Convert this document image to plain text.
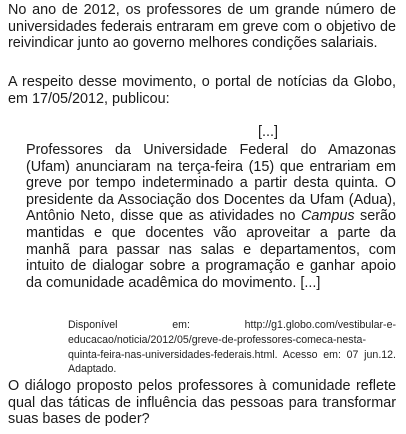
No ano de 2012, os professores de um grande número de universidades federais entraram em greve com o objetivo de reivindicar junto ao governo melhores condições salariais.

A respeito desse movimento, o portal de notícias da Globo, em 17/05/2012, publicou:

[...]

Professores da Universidade Federal do Amazonas (Ufam) anunciaram na terça-feira (15) que entrariam em greve por tempo indeterminado a partir desta quinta. O presidente da Associação dos Docentes da Ufam (Adua), Antônio Neto, disse que as atividades no Campus serão mantidas e que docentes vão aproveitar a parte da manhã para passar nas salas e departamentos, com intuito de dialogar sobre a programação e ganhar apoio da comunidade acadêmica do movimento. [...]

Disponível em: http://g1.globo.com/vestibular-e-educacao/noticia/2012/05/greve-de-professores-comeca-nesta-quinta-feira-nas-universidades-federais.html. Acesso em: 07 jun.12. Adaptado.

O diálogo proposto pelos professores à comunidade reflete qual das táticas de influência das pessoas para transformar suas bases de poder?
